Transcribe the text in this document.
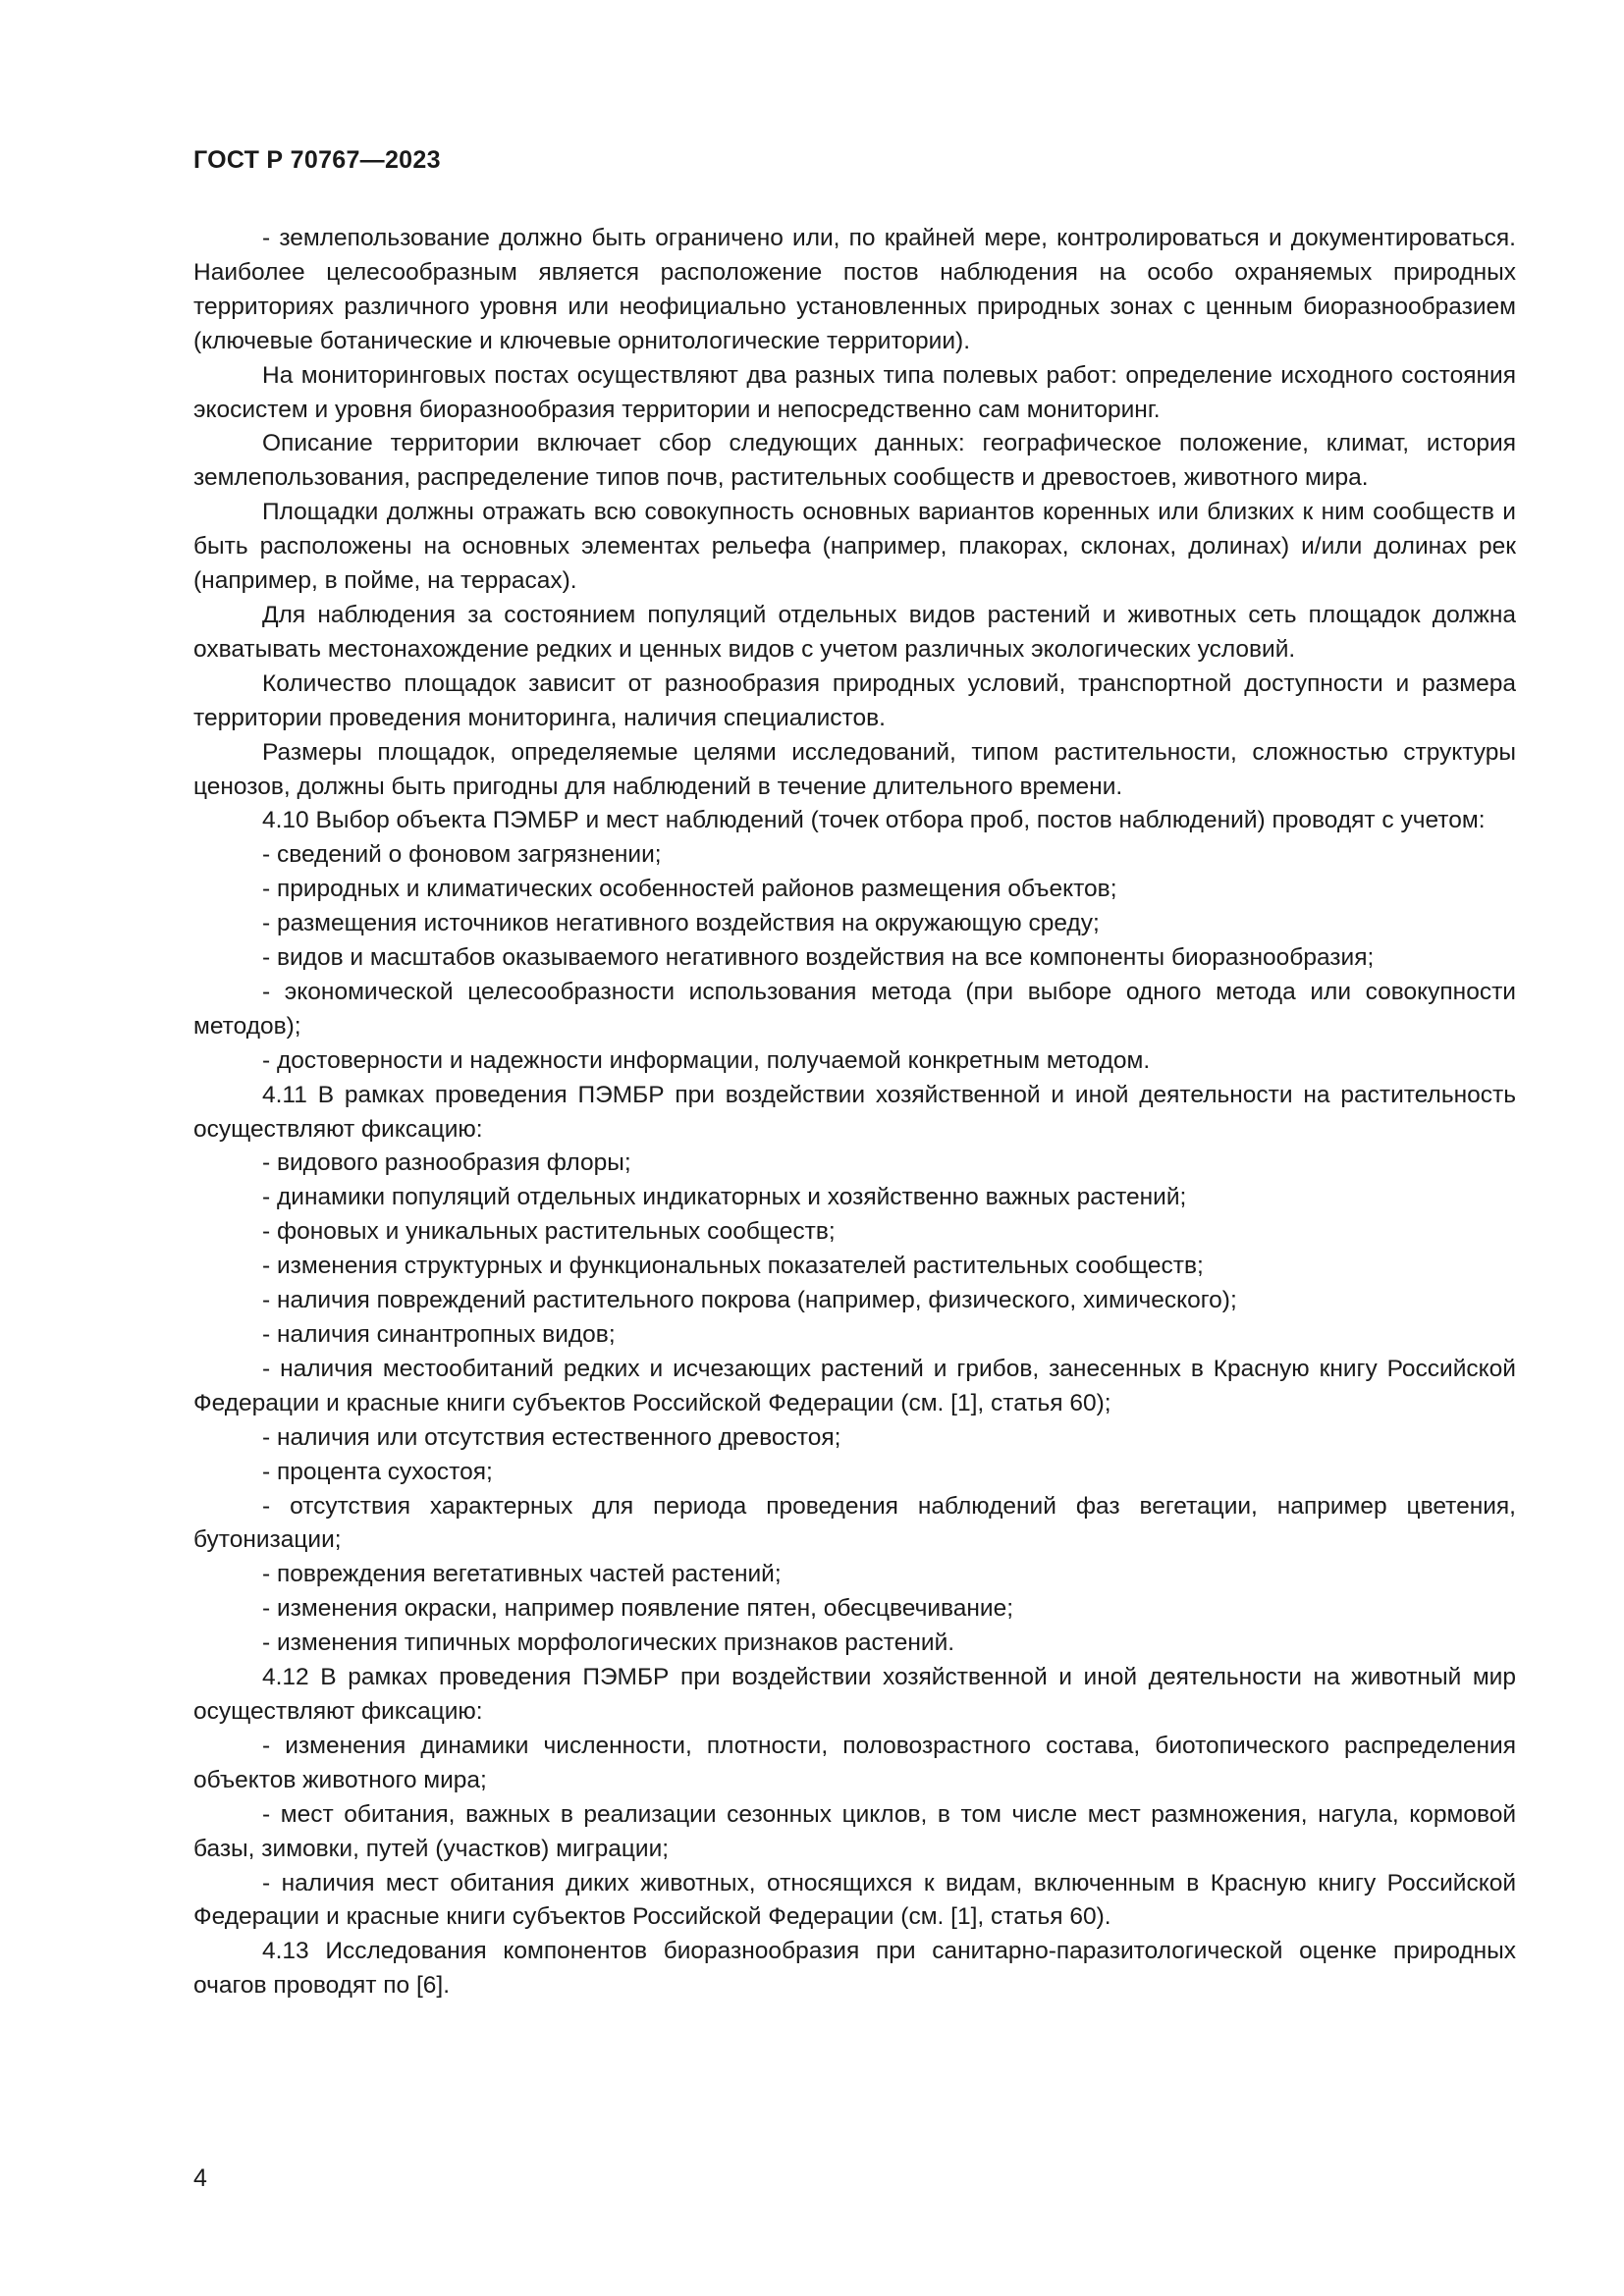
ГОСТ Р 70767—2023

- землепользование должно быть ограничено или, по крайней мере, контролироваться и документироваться. Наиболее целесообразным является расположение постов наблюдения на особо охраняемых природных территориях различного уровня или неофициально установленных природных зонах с ценным биоразнообразием (ключевые ботанические и ключевые орнитологические территории).

На мониторинговых постах осуществляют два разных типа полевых работ: определение исходного состояния экосистем и уровня биоразнообразия территории и непосредственно сам мониторинг.

Описание территории включает сбор следующих данных: географическое положение, климат, история землепользования, распределение типов почв, растительных сообществ и древостоев, животного мира.

Площадки должны отражать всю совокупность основных вариантов коренных или близких к ним сообществ и быть расположены на основных элементах рельефа (например, плакорах, склонах, долинах) и/или долинах рек (например, в пойме, на террасах).

Для наблюдения за состоянием популяций отдельных видов растений и животных сеть площадок должна охватывать местонахождение редких и ценных видов с учетом различных экологических условий.

Количество площадок зависит от разнообразия природных условий, транспортной доступности и размера территории проведения мониторинга, наличия специалистов.

Размеры площадок, определяемые целями исследований, типом растительности, сложностью структуры ценозов, должны быть пригодны для наблюдений в течение длительного времени.

4.10 Выбор объекта ПЭМБР и мест наблюдений (точек отбора проб, постов наблюдений) проводят с учетом:

- сведений о фоновом загрязнении;

- природных и климатических особенностей районов размещения объектов;

- размещения источников негативного воздействия на окружающую среду;

- видов и масштабов оказываемого негативного воздействия на все компоненты биоразнообразия;

- экономической целесообразности использования метода (при выборе одного метода или совокупности методов);

- достоверности и надежности информации, получаемой конкретным методом.

4.11 В рамках проведения ПЭМБР при воздействии хозяйственной и иной деятельности на растительность осуществляют фиксацию:

- видового разнообразия флоры;

- динамики популяций отдельных индикаторных и хозяйственно важных растений;

- фоновых и уникальных растительных сообществ;

- изменения структурных и функциональных показателей растительных сообществ;

- наличия повреждений растительного покрова (например, физического, химического);

- наличия синантропных видов;

- наличия местообитаний редких и исчезающих растений и грибов, занесенных в Красную книгу Российской Федерации и красные книги субъектов Российской Федерации (см. [1], статья 60);

- наличия или отсутствия естественного древостоя;

- процента сухостоя;

- отсутствия характерных для периода проведения наблюдений фаз вегетации, например цветения, бутонизации;

- повреждения вегетативных частей растений;

- изменения окраски, например появление пятен, обесцвечивание;

- изменения типичных морфологических признаков растений.

4.12 В рамках проведения ПЭМБР при воздействии хозяйственной и иной деятельности на животный мир осуществляют фиксацию:

- изменения динамики численности, плотности, половозрастного состава, биотопического распределения объектов животного мира;

- мест обитания, важных в реализации сезонных циклов, в том числе мест размножения, нагула, кормовой базы, зимовки, путей (участков) миграции;

- наличия мест обитания диких животных, относящихся к видам, включенным в Красную книгу Российской Федерации и красные книги субъектов Российской Федерации (см. [1], статья 60).

4.13 Исследования компонентов биоразнообразия при санитарно-паразитологической оценке природных очагов проводят по [6].

4
